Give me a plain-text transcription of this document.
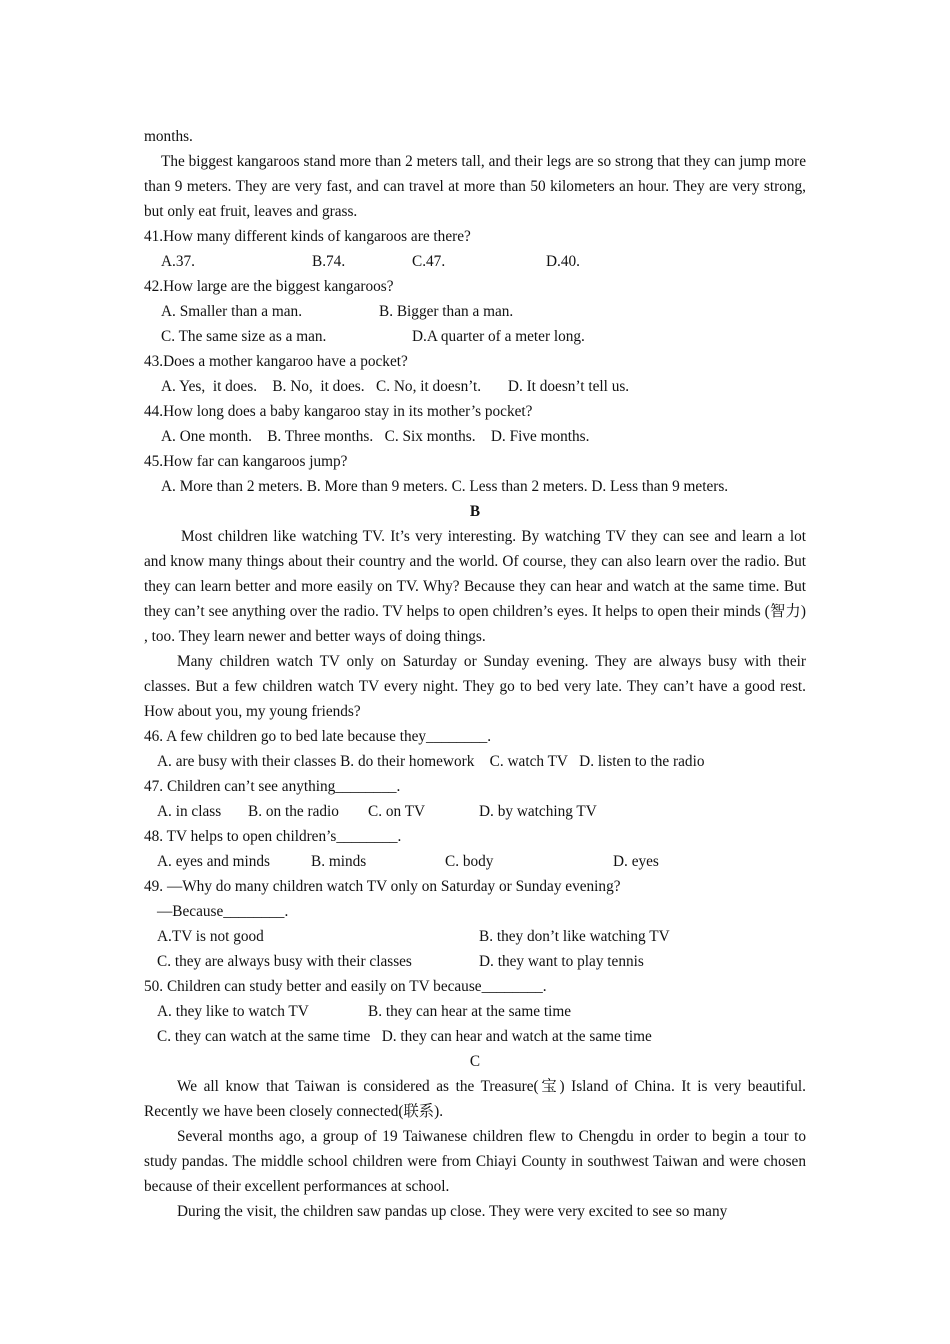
months.
The biggest kangaroos stand more than 2 meters tall, and their legs are so strong that they can jump more than 9 meters. They are very fast, and can travel at more than 50 kilometers an hour. They are very strong, but only eat fruit, leaves and grass.
41.How many different kinds of kangaroos are there?
A.37.	B.74.	C.47.	D.40.
42.How large are the biggest kangaroos?
A. Smaller than a man.	B. Bigger than a man.
C. The same size as a man.	D.A quarter of a meter long.
43.Does a mother kangaroo have a pocket?
A. Yes,  it does.    B. No,  it does.   C. No, it doesn’t.       D. It doesn’t tell us.
44.How long does a baby kangaroo stay in its mother’s pocket?
A. One month.    B. Three months.   C. Six months.    D. Five months.
45.How far can kangaroos jump?
A. More than 2 meters. B. More than 9 meters. C. Less than 2 meters. D. Less than 9 meters.
B
Most children like watching TV. It’s very interesting. By watching TV they can see and learn a lot and know many things about their country and the world. Of course, they can also learn over the radio. But they can learn better and more easily on TV. Why? Because they can hear and watch at the same time. But they can’t see anything over the radio. TV helps to open children’s eyes. It helps to open their minds (智力) , too. They learn newer and better ways of doing things.
Many children watch TV only on Saturday or Sunday evening. They are always busy with their classes. But a few children watch TV every night. They go to bed very late. They can’t have a good rest. How about you, my young friends?
46. A few children go to bed late because they________.
A. are busy with their classes B. do their homework    C. watch TV   D. listen to the radio
47. Children can’t see anything________.
A. in class B. on the radio C. on TV	D. by watching TV
48. TV helps to open children’s________.
A. eyes and minds	B. minds	C. body	D. eyes
49. —Why do many children watch TV only on Saturday or Sunday evening?
—Because________.
A.TV is not good	B. they don’t like watching TV
C. they are always busy with their classes	D. they want to play tennis
50. Children can study better and easily on TV because________.
A. they like to watch TV	B. they can hear at the same time
C. they can watch at the same time   D. they can hear and watch at the same time
C
We all know that Taiwan is considered as the Treasure(宝) Island of China. It is very beautiful. Recently we have been closely connected(联系).
Several months ago, a group of 19 Taiwanese children flew to Chengdu in order to begin a tour to study pandas. The middle school children were from Chiayi County in southwest Taiwan and were chosen because of their excellent performances at school.
During the visit, the children saw pandas up close. They were very excited to see so many
